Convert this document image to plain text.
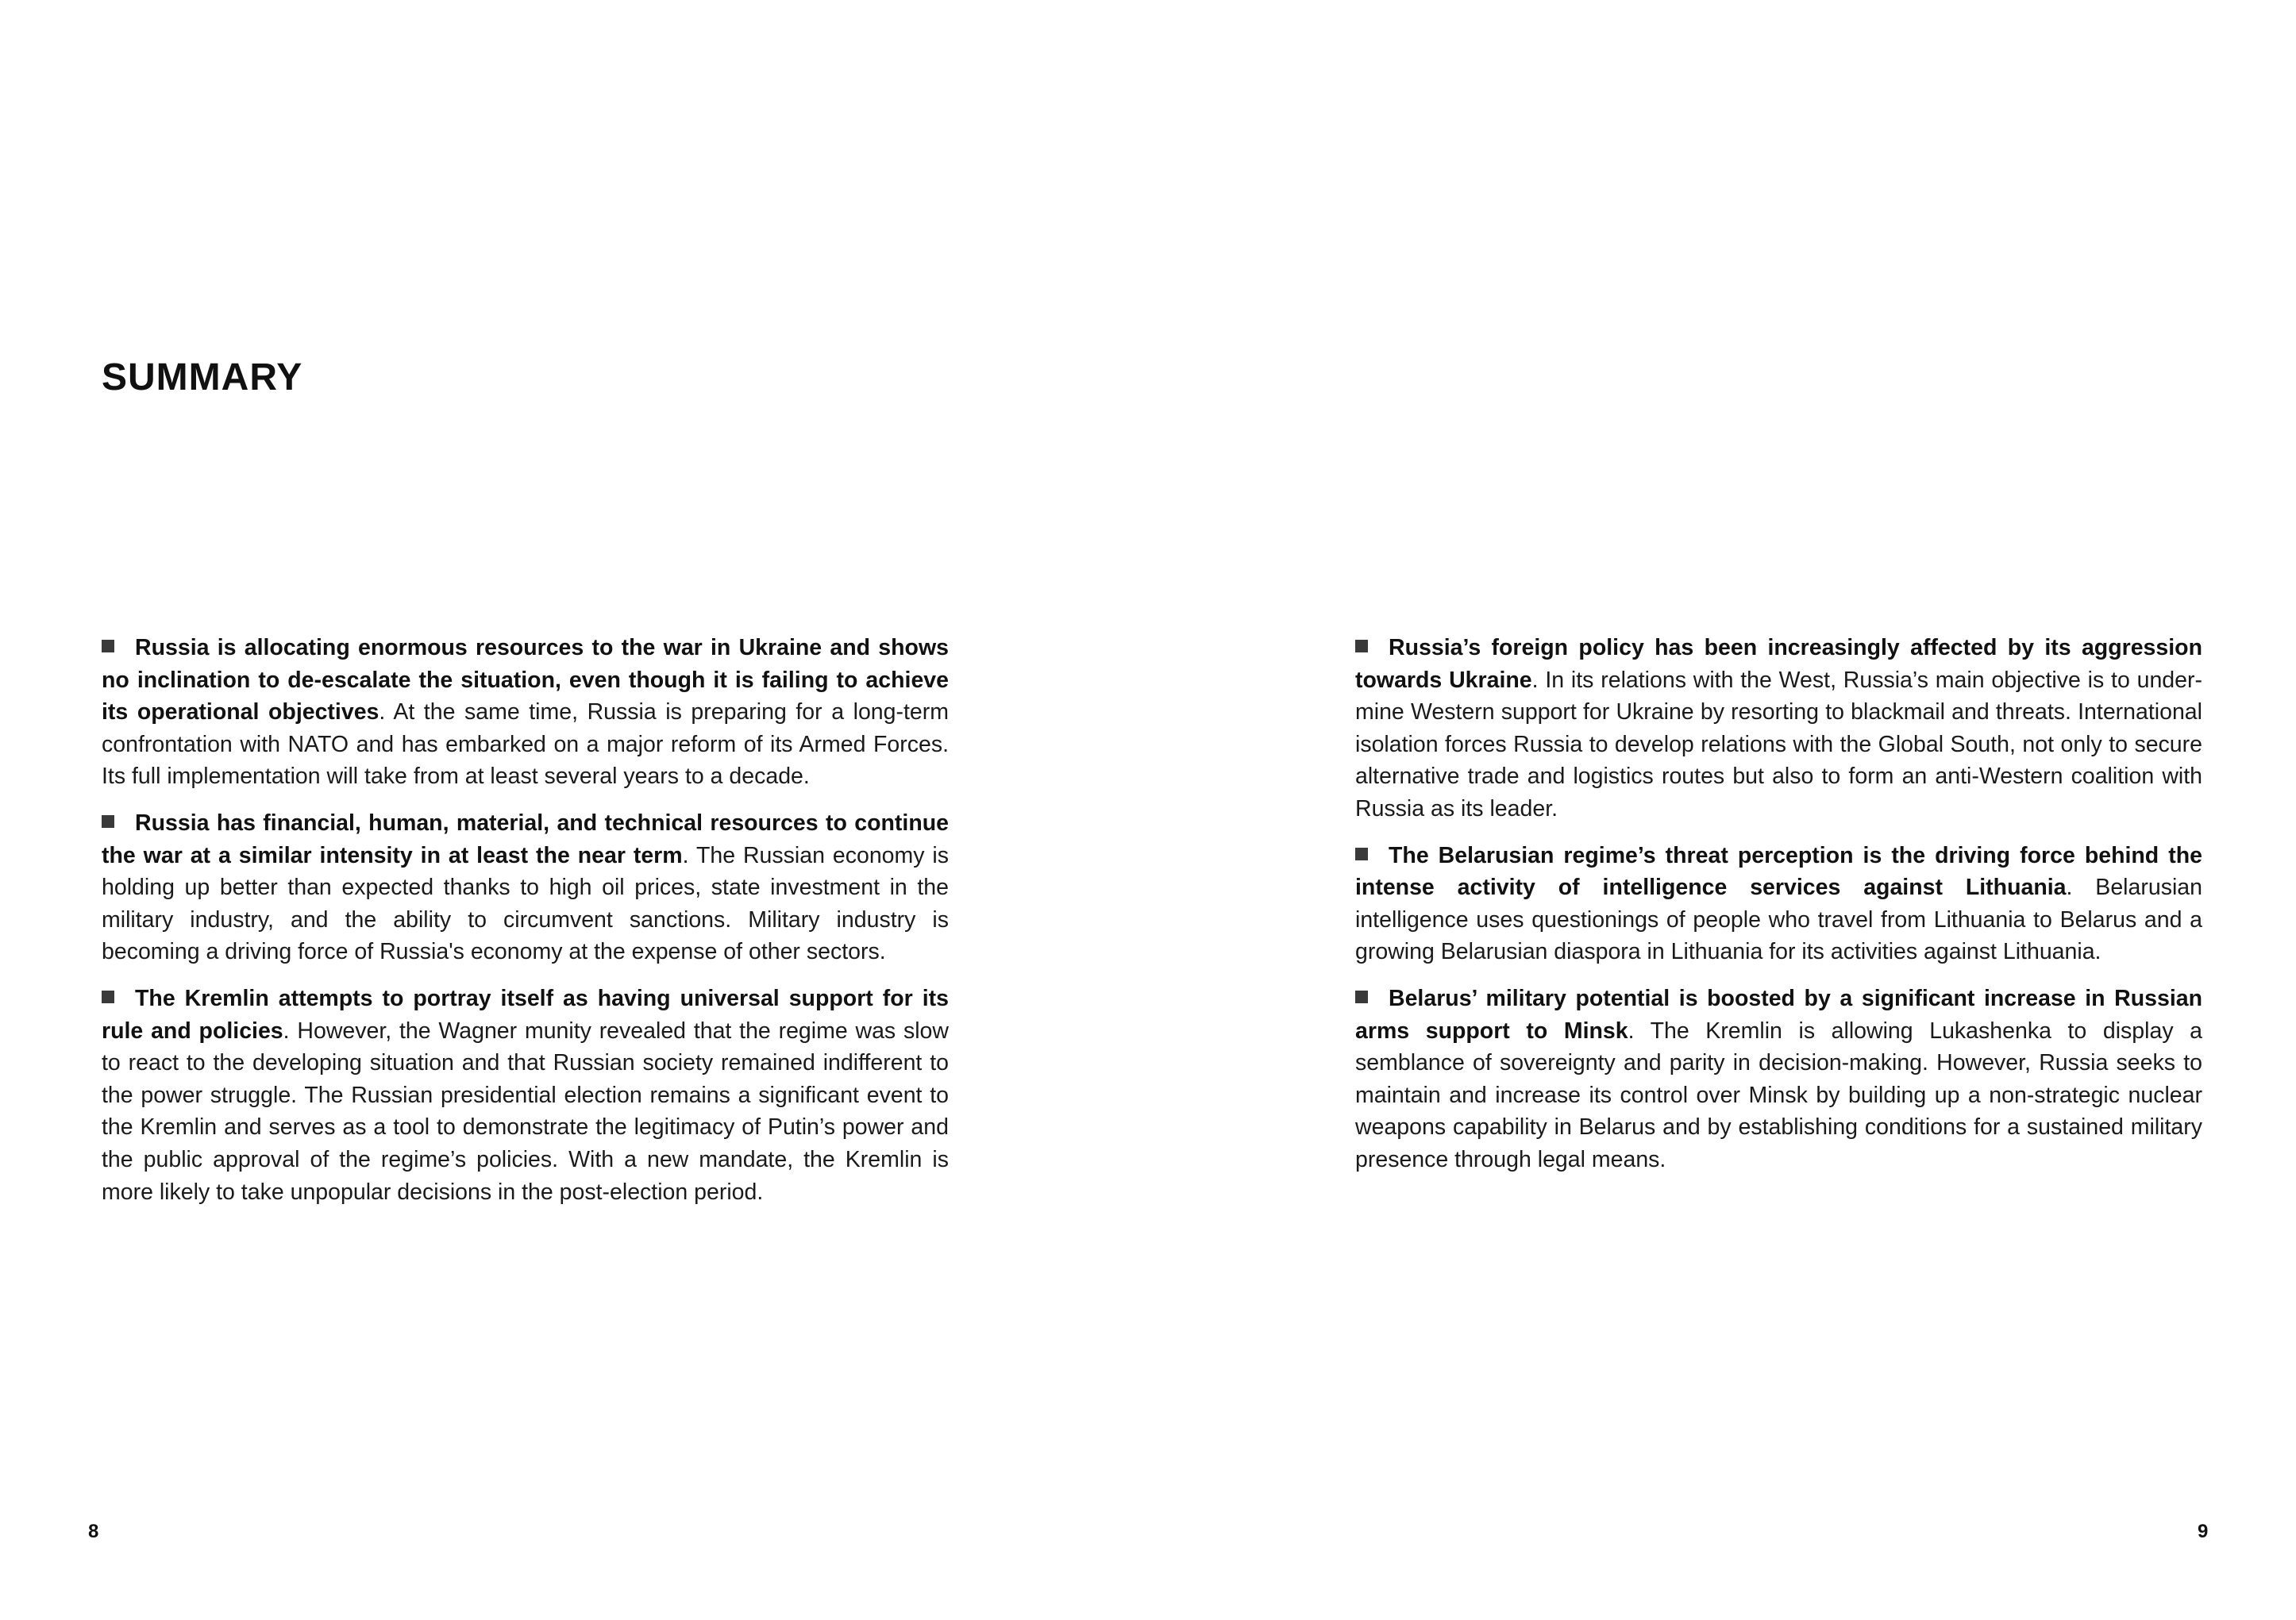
SUMMARY

Russia is allocating enormous resources to the war in Ukraine and shows no inclination to de-escalate the situation, even though it is failing to achieve its operational objectives. At the same time, Russia is preparing for a long-term confrontation with NATO and has embarked on a major reform of its Armed Forces. Its full implementation will take from at least several years to a decade.

Russia has financial, human, material, and technical resources to continue the war at a similar intensity in at least the near term. The Russian economy is holding up better than expected thanks to high oil prices, state investment in the military industry, and the ability to circumvent sanctions. Military industry is becoming a driving force of Russia's economy at the expense of other sectors.

The Kremlin attempts to portray itself as having universal support for its rule and policies. However, the Wagner munity revealed that the regime was slow to react to the developing situation and that Russian society remained indifferent to the power struggle. The Russian presidential election remains a significant event to the Kremlin and serves as a tool to demonstrate the legitimacy of Putin’s power and the public approval of the regime’s policies. With a new mandate, the Kremlin is more likely to take unpopular decisions in the post-election period.

Russia’s foreign policy has been increasingly affected by its aggression towards Ukraine. In its relations with the West, Russia’s main objective is to undermine Western support for Ukraine by resorting to blackmail and threats. International isolation forces Russia to develop relations with the Global South, not only to secure alternative trade and logistics routes but also to form an anti-Western coalition with Russia as its leader.

The Belarusian regime’s threat perception is the driving force behind the intense activity of intelligence services against Lithuania. Belarusian intelligence uses questionings of people who travel from Lithuania to Belarus and a growing Belarusian diaspora in Lithuania for its activities against Lithuania.

Belarus’ military potential is boosted by a significant increase in Russian arms support to Minsk. The Kremlin is allowing Lukashenka to display a semblance of sovereignty and parity in decision-making. However, Russia seeks to maintain and increase its control over Minsk by building up a non-strategic nuclear weapons capability in Belarus and by establishing conditions for a sustained military presence through legal means.

8	9
